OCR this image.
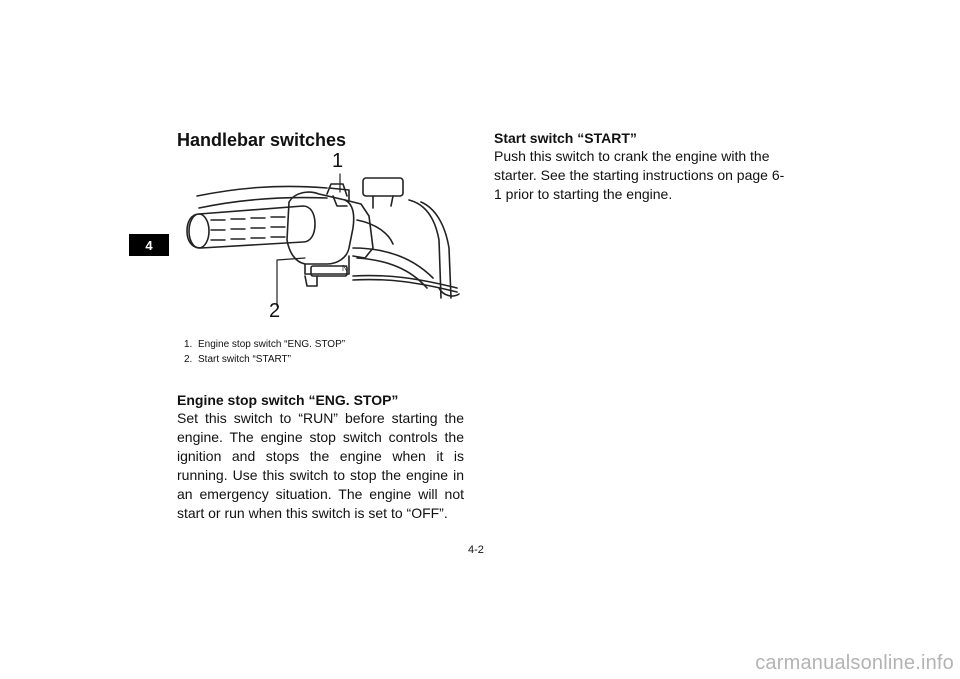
4
Handlebar switches
N
1
2
1. Engine stop switch “ENG. STOP”
2. Start switch “START”
Engine stop switch “ENG. STOP”

Set this switch to “RUN” before starting the engine. The engine stop switch controls the ignition and stops the engine when it is running. Use this switch to stop the engine in an emergency situation. The engine will not start or run when this switch is set to “OFF”.

Start switch “START”

Push this switch to crank the engine with the starter. See the starting instructions on page 6-1 prior to starting the engine.

4-2
carmanualsonline.info
